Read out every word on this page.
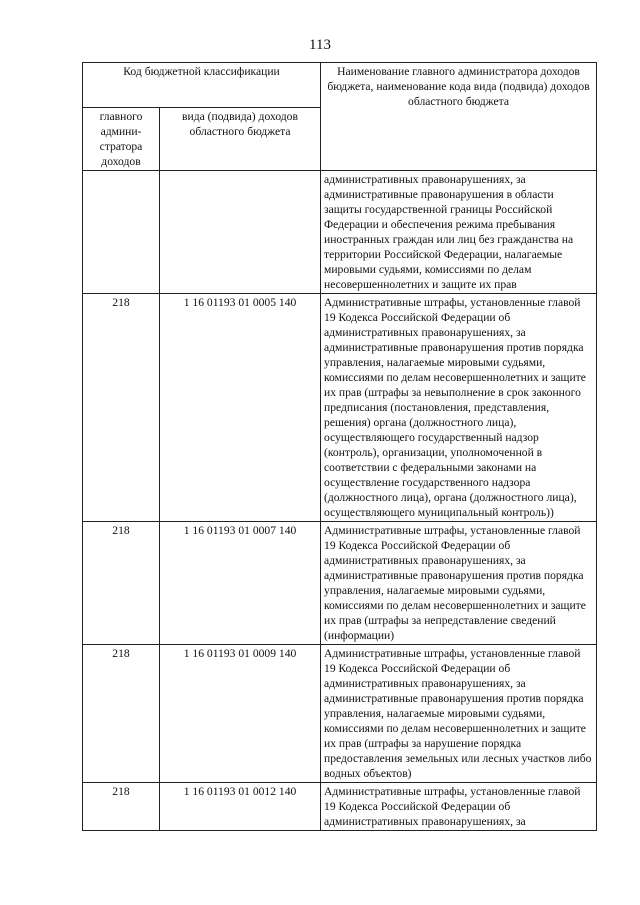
113
Код бюджетной классификации		Наименование главного администратора доходов бюджета, наименование кода вида (подвида) доходов областного бюджета
главного админи-стратора доходов	вида (подвида) доходов областного бюджета	
		административных правонарушениях, за административные правонарушения в области защиты государственной границы Российской Федерации и обеспечения режима пребывания иностранных граждан или лиц без гражданства на территории Российской Федерации, налагаемые мировыми судьями, комиссиями по делам несовершеннолетних и защите их прав
218	1 16 01193 01 0005 140	Административные штрафы, установленные главой 19 Кодекса Российской Федерации об административных правонарушениях, за административные правонарушения против порядка управления, налагаемые мировыми судьями, комиссиями по делам несовершеннолетних и защите их прав (штрафы за невыполнение в срок законного предписания (постановления, представления, решения) органа (должностного лица), осуществляющего государственный надзор (контроль), организации, уполномоченной в соответствии с федеральными законами на осуществление государственного надзора (должностного лица), органа (должностного лица), осуществляющего муниципальный контроль))
218	1 16 01193 01 0007 140	Административные штрафы, установленные главой 19 Кодекса Российской Федерации об административных правонарушениях, за административные правонарушения против порядка управления, налагаемые мировыми судьями, комиссиями по делам несовершеннолетних и защите их прав (штрафы за непредставление сведений (информации)
218	1 16 01193 01 0009 140	Административные штрафы, установленные главой 19 Кодекса Российской Федерации об административных правонарушениях, за административные правонарушения против порядка управления, налагаемые мировыми судьями, комиссиями по делам несовершеннолетних и защите их прав (штрафы за нарушение порядка предоставления земельных или лесных участков либо водных объектов)
218	1 16 01193 01 0012 140	Административные штрафы, установленные главой 19 Кодекса Российской Федерации об административных правонарушениях, за
